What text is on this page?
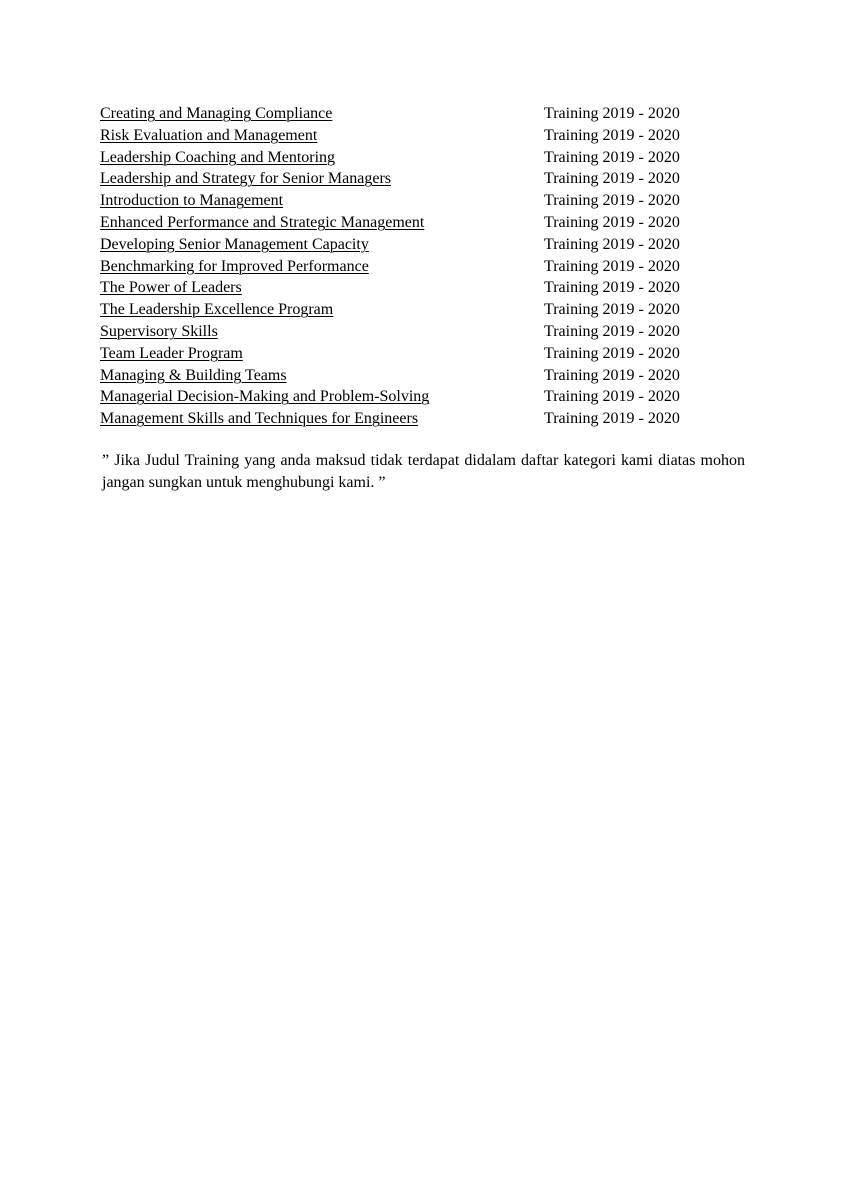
Creating and Managing Compliance	Training 2019 - 2020
Risk Evaluation and Management	Training 2019 - 2020
Leadership Coaching and Mentoring	Training 2019 - 2020
Leadership and Strategy for Senior Managers	Training 2019 - 2020
Introduction to Management	Training 2019 - 2020
Enhanced Performance and Strategic Management	Training 2019 - 2020
Developing Senior Management Capacity	Training 2019 - 2020
Benchmarking for Improved Performance	Training 2019 - 2020
The Power of Leaders	Training 2019 - 2020
The Leadership Excellence Program	Training 2019 - 2020
Supervisory Skills	Training 2019 - 2020
Team Leader Program	Training 2019 - 2020
Managing & Building Teams	Training 2019 - 2020
Managerial Decision-Making and Problem-Solving	Training 2019 - 2020
Management Skills and Techniques for Engineers	Training 2019 - 2020

” Jika Judul Training yang anda maksud tidak terdapat didalam daftar kategori kami diatas mohon jangan sungkan untuk menghubungi kami. ”
